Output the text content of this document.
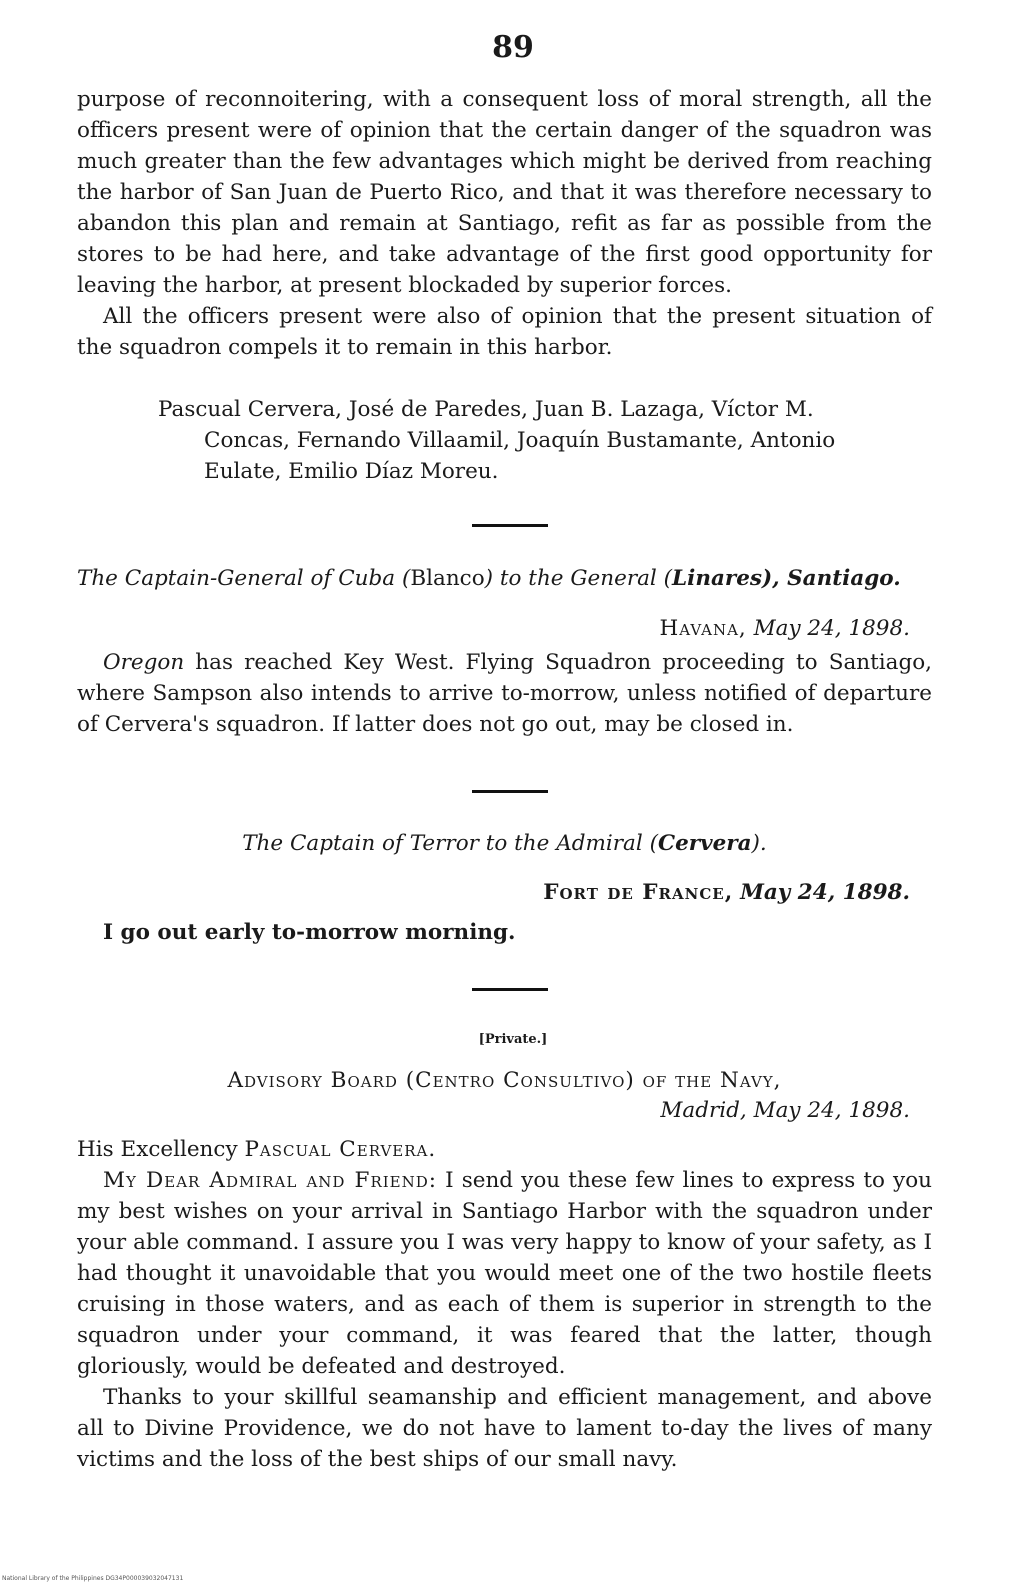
89

purpose of reconnoitering, with a consequent loss of moral strength, all the officers present were of opinion that the certain danger of the squadron was much greater than the few advantages which might be derived from reaching the harbor of San Juan de Puerto Rico, and that it was therefore necessary to abandon this plan and remain at Santiago, refit as far as possible from the stores to be had here, and take advantage of the first good opportunity for leaving the harbor, at present blockaded by superior forces.

All the officers present were also of opinion that the present situation of the squadron compels it to remain in this harbor.

Pascual Cervera, José de Paredes, Juan B. Lazaga, Víctor M.
Concas, Fernando Villaamil, Joaquín Bustamante, Antonio
Eulate, Emilio Díaz Moreu.
The Captain-General of Cuba (Blanco) to the General (Linares), Santiago.
Havana, May 24, 1898.

Oregon has reached Key West. Flying Squadron proceeding to Santiago, where Sampson also intends to arrive to-morrow, unless notified of departure of Cervera's squadron. If latter does not go out, may be closed in.

The Captain of Terror to the Admiral (Cervera).
Fort de France, May 24, 1898.

I go out early to-morrow morning.

[Private.]
Advisory Board (Centro Consultivo) of the Navy,
Madrid, May 24, 1898.

His Excellency Pascual Cervera.

My Dear Admiral and Friend: I send you these few lines to express to you my best wishes on your arrival in Santiago Harbor with the squadron under your able command. I assure you I was very happy to know of your safety, as I had thought it unavoidable that you would meet one of the two hostile fleets cruising in those waters, and as each of them is superior in strength to the squadron under your command, it was feared that the latter, though gloriously, would be defeated and destroyed.

Thanks to your skillful seamanship and efficient management, and above all to Divine Providence, we do not have to lament to-day the lives of many victims and the loss of the best ships of our small navy.

National Library of the Philippines DG34P000039032047131
